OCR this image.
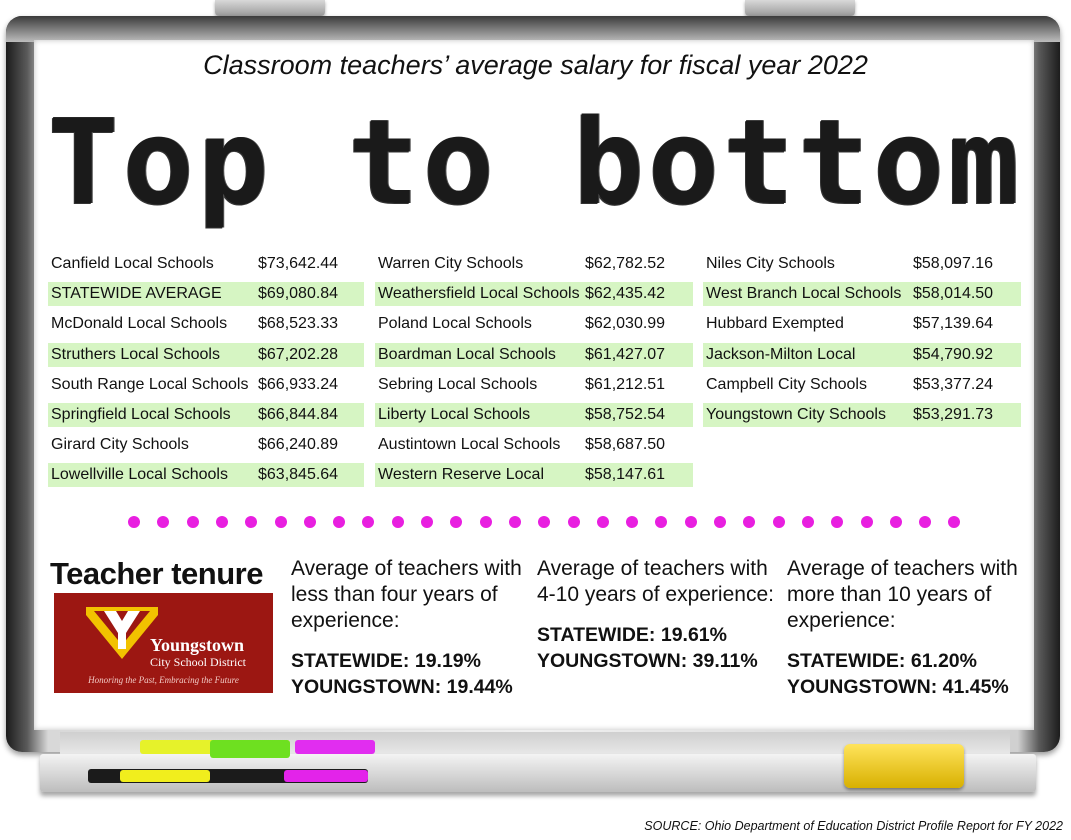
Classroom teachers’ average salary for fiscal year 2022
Top to bottom
Canfield Local Schools	$73,642.44
STATEWIDE AVERAGE $69,080.84
McDonald Local Schools $68,523.33
Struthers Local Schools $67,202.28
South Range Local Schools $66,933.24
Springfield Local Schools $66,844.84
Girard City Schools	$66,240.89
Lowellville Local Schools $63,845.64
Warren City Schools	$62,782.52
Weathersfield Local Schools $62,435.42
Poland Local Schools	$62,030.99
Boardman Local Schools $61,427.07
Sebring Local Schools	$61,212.51
Liberty Local Schools	$58,752.54
Austintown Local Schools $58,687.50
Western Reserve Local	$58,147.61
Niles City Schools	$58,097.16
West Branch Local Schools $58,014.50
Hubbard Exempted	$57,139.64
Jackson-Milton Local	$54,790.92
Campbell City Schools	$53,377.24
Youngstown City Schools $53,291.73
Teacher tenure
Youngstown
City School District
Honoring the Past, Embracing the Future
Average of teachers with less than four years of experience:
STATEWIDE: 19.19%
YOUNGSTOWN: 19.44%
Average of teachers with 4-10 years of experience:
STATEWIDE: 19.61%
YOUNGSTOWN: 39.11%
Average of teachers with more than 10 years of experience:
STATEWIDE: 61.20%
YOUNGSTOWN: 41.45%
SOURCE: Ohio Department of Education District Profile Report for FY 2022
